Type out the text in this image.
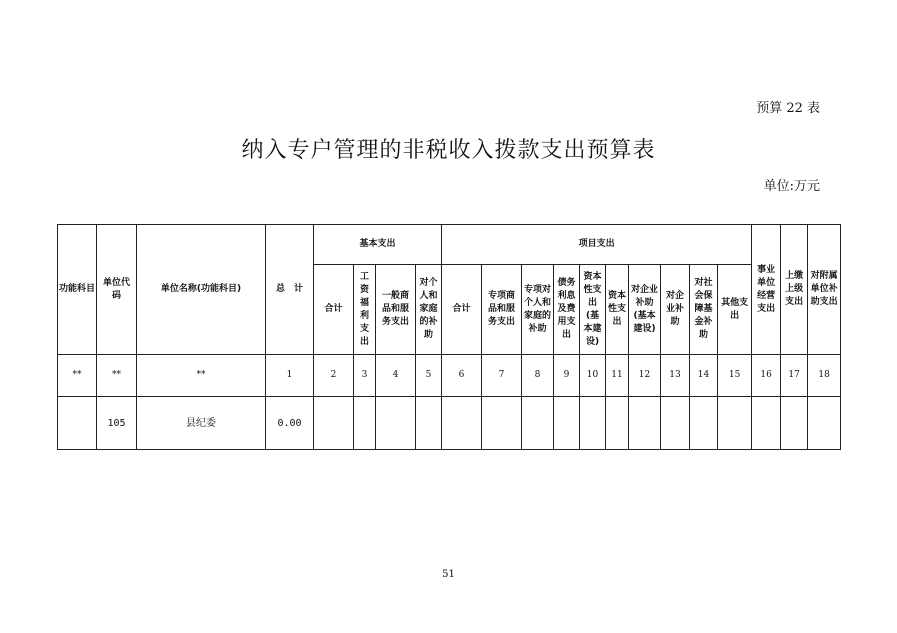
预算 22 表
纳入专户管理的非税收入拨款支出预算表
单位:万元
功能科目	单位代码	单位名称(功能科目)	总　计	基本支出				项目支出										事业单位经营支出	上缴上级支出	对附属单位补助支出
				合计	工资福利支出	一般商品和服务支出	对个人和家庭的补助	合计	专项商品和服务支出	专项对个人和家庭的补助	债务利息及费用支出	资本性支出(基本建设)	资本性支出	对企业补助(基本建设)	对企业补助	对社会保障基金补助	其他支出			
**	**	**	1	2	3	4	5	6	7	8	9	10	11	12	13	14	15	16	17	18
	105	县纪委	0.00																	
51
